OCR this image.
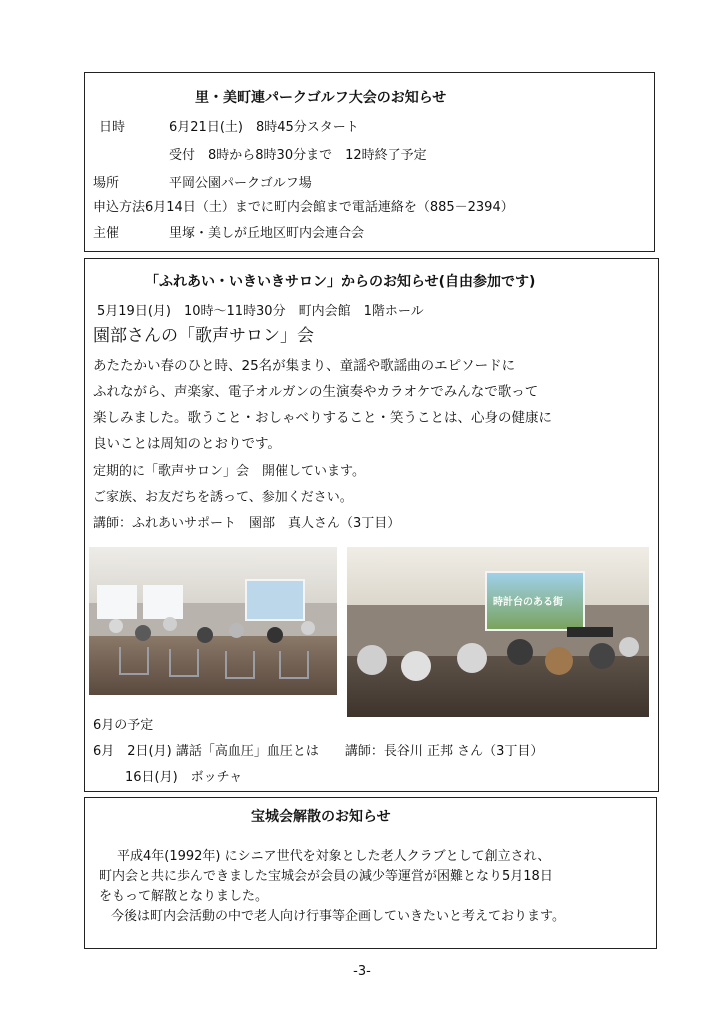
里・美町連パークゴルフ大会のお知らせ
日時	6月21日(土)　8時45分スタート
受付　8時から8時30分まで　12時終了予定
場所	平岡公園パークゴルフ場
申込方法6月14日（土）までに町内会館まで電話連絡を（885－2394）
主催	里塚・美しが丘地区町内会連合会
「ふれあい・いきいきサロン」からのお知らせ(自由参加です)
5月19日(月)　10時～11時30分　町内会館　1階ホール
園部さんの「歌声サロン」会
あたたかい春のひと時、25名が集まり、童謡や歌謡曲のエピソードに
ふれながら、声楽家、電子オルガンの生演奏やカラオケでみんなで歌って
楽しみました。歌うこと・おしゃべりすること・笑うことは、心身の健康に
良いことは周知のとおりです。
定期的に「歌声サロン」会　開催しています。
ご家族、お友だちを誘って、参加ください。
講師：ふれあいサポート　園部　真人さん（3丁目）
時計台のある街
6月の予定
6月　2日(月) 講話「高血圧」血圧とは　　講師：長谷川 正邦 さん（3丁目）
16日(月)　ボッチャ
宝城会解散のお知らせ
平成4年(1992年) にシニア世代を対象とした老人クラブとして創立され、
町内会と共に歩んできました宝城会が会員の減少等運営が困難となり5月18日
をもって解散となりました。
今後は町内会活動の中で老人向け行事等企画していきたいと考えております。
-3-
